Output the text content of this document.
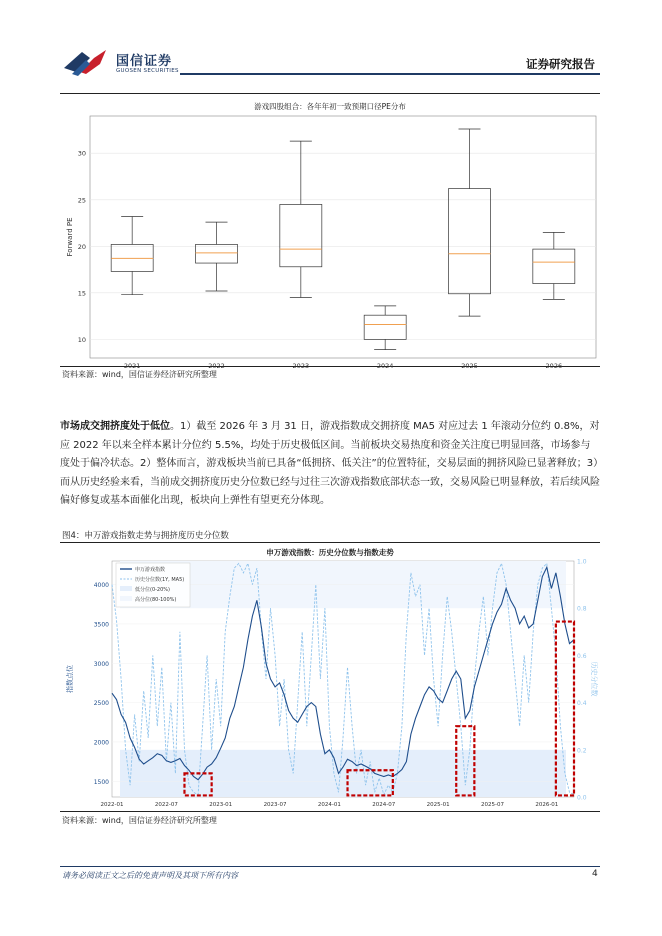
国信证券
GUOSEN SECURITIES	证券研究报告
游戏四股组合：各年年初一致预期口径PE分布
Forward PE
10
15
20
25
30
2021	2022	2023	2024	2025	2026
资料来源：wind，国信证券经济研究所整理
市场成交拥挤度处于低位。1）截至 2026 年 3 月 31 日，游戏指数成交拥挤度 MA5 对应过去 1 年滚动分位约 0.8%，对应 2022 年以来全样本累计分位约 5.5%，均处于历史极低区间。当前板块交易热度和资金关注度已明显回落，市场参与度处于偏冷状态。2）整体而言，游戏板块当前已具备“低拥挤、低关注”的位置特征，交易层面的拥挤风险已显著释放；3）而从历史经验来看，当前成交拥挤度历史分位数已经与过往三次游戏指数底部状态一致，交易风险已明显释放，若后续风险偏好修复或基本面催化出现，板块向上弹性有望更充分体现。
图4：申万游戏指数走势与拥挤度历史分位数
申万游戏指数：历史分位数与指数走势
1500
2000
2500
3000
3500
4000
0.0
0.2
0.4
0.6
0.8
1.0
2022-01	2022-07	2023-01	2023-07	2024-01	2024-07	2025-01	2025-07	2026-01
指数点位	历史分位数
申万游戏指数
历史分位数(1Y, MA5)
低分位(0-20%)
高分位(80-100%)
资料来源：wind，国信证券经济研究所整理
请务必阅读正文之后的免责声明及其项下所有内容	4
